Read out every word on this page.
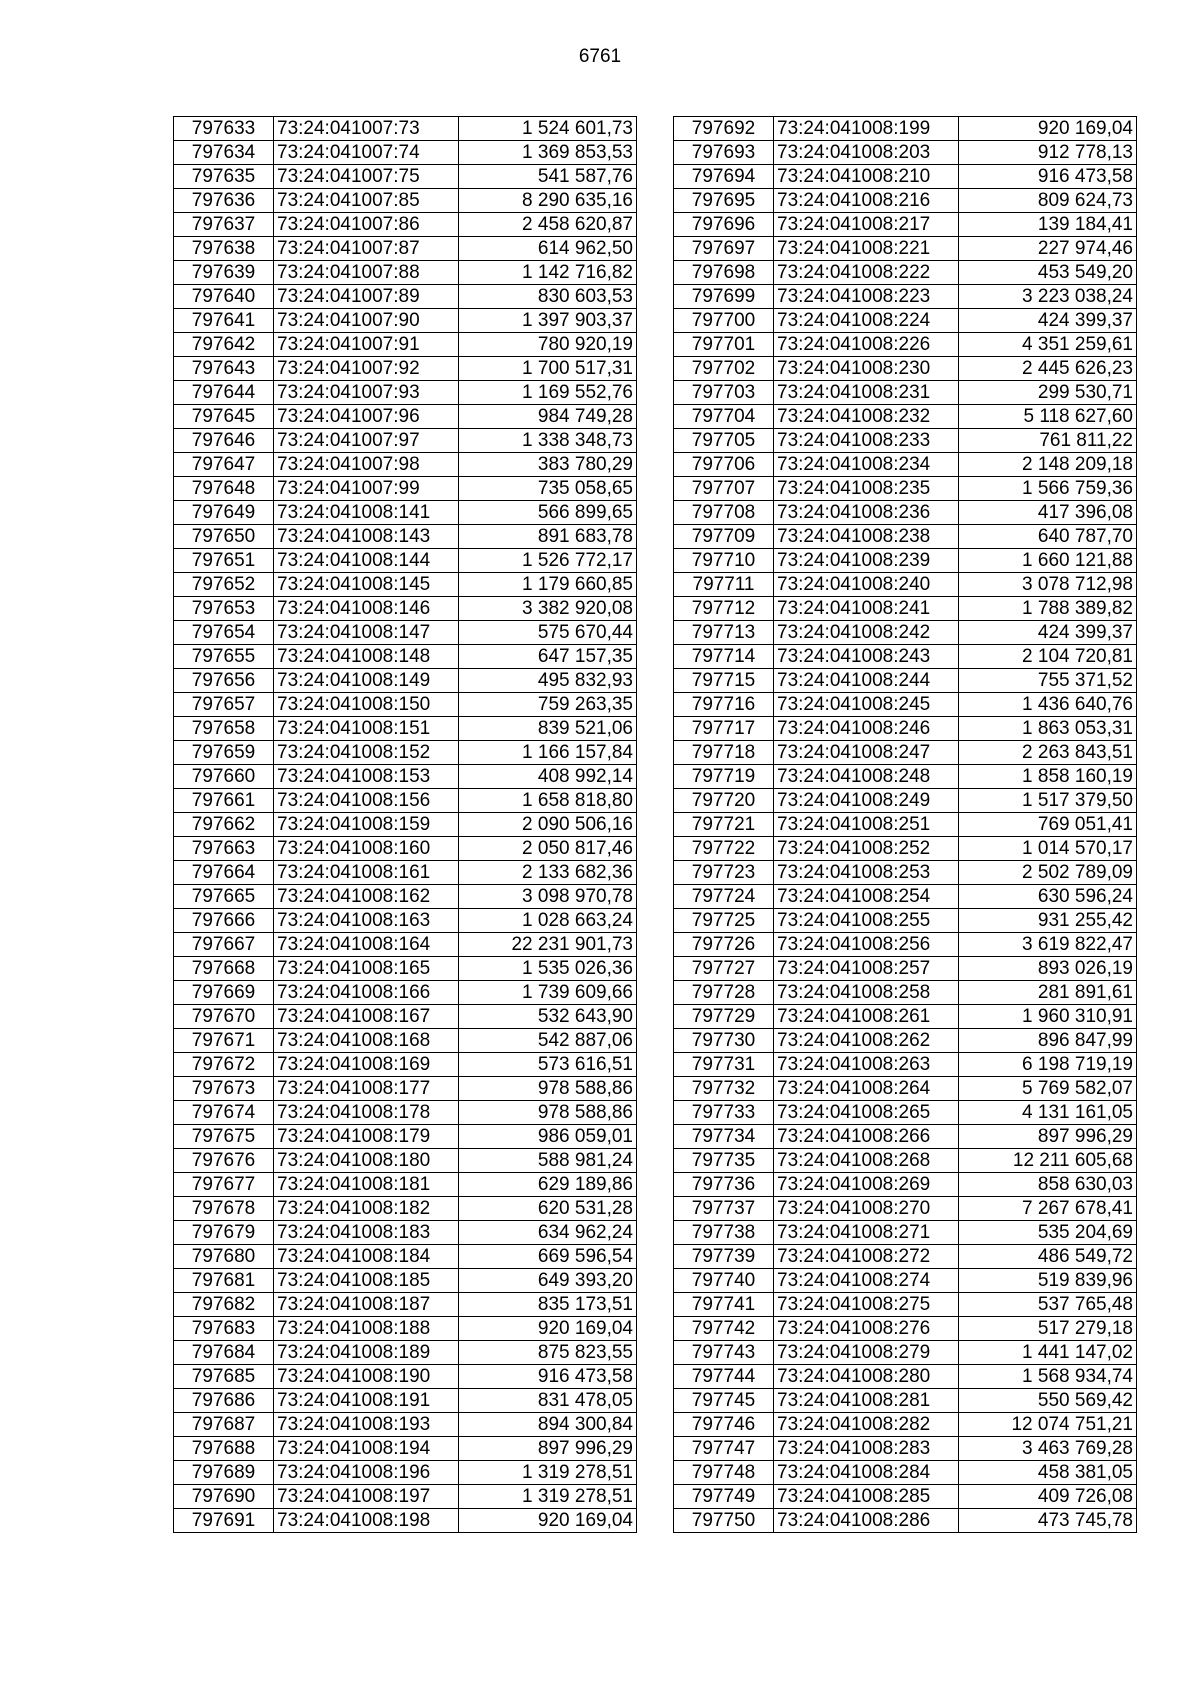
6761
797633	73:24:041007:73	1 524 601,73
797634	73:24:041007:74	1 369 853,53
797635	73:24:041007:75	541 587,76
797636	73:24:041007:85	8 290 635,16
797637	73:24:041007:86	2 458 620,87
797638	73:24:041007:87	614 962,50
797639	73:24:041007:88	1 142 716,82
797640	73:24:041007:89	830 603,53
797641	73:24:041007:90	1 397 903,37
797642	73:24:041007:91	780 920,19
797643	73:24:041007:92	1 700 517,31
797644	73:24:041007:93	1 169 552,76
797645	73:24:041007:96	984 749,28
797646	73:24:041007:97	1 338 348,73
797647	73:24:041007:98	383 780,29
797648	73:24:041007:99	735 058,65
797649	73:24:041008:141	566 899,65
797650	73:24:041008:143	891 683,78
797651	73:24:041008:144	1 526 772,17
797652	73:24:041008:145	1 179 660,85
797653	73:24:041008:146	3 382 920,08
797654	73:24:041008:147	575 670,44
797655	73:24:041008:148	647 157,35
797656	73:24:041008:149	495 832,93
797657	73:24:041008:150	759 263,35
797658	73:24:041008:151	839 521,06
797659	73:24:041008:152	1 166 157,84
797660	73:24:041008:153	408 992,14
797661	73:24:041008:156	1 658 818,80
797662	73:24:041008:159	2 090 506,16
797663	73:24:041008:160	2 050 817,46
797664	73:24:041008:161	2 133 682,36
797665	73:24:041008:162	3 098 970,78
797666	73:24:041008:163	1 028 663,24
797667	73:24:041008:164	22 231 901,73
797668	73:24:041008:165	1 535 026,36
797669	73:24:041008:166	1 739 609,66
797670	73:24:041008:167	532 643,90
797671	73:24:041008:168	542 887,06
797672	73:24:041008:169	573 616,51
797673	73:24:041008:177	978 588,86
797674	73:24:041008:178	978 588,86
797675	73:24:041008:179	986 059,01
797676	73:24:041008:180	588 981,24
797677	73:24:041008:181	629 189,86
797678	73:24:041008:182	620 531,28
797679	73:24:041008:183	634 962,24
797680	73:24:041008:184	669 596,54
797681	73:24:041008:185	649 393,20
797682	73:24:041008:187	835 173,51
797683	73:24:041008:188	920 169,04
797684	73:24:041008:189	875 823,55
797685	73:24:041008:190	916 473,58
797686	73:24:041008:191	831 478,05
797687	73:24:041008:193	894 300,84
797688	73:24:041008:194	897 996,29
797689	73:24:041008:196	1 319 278,51
797690	73:24:041008:197	1 319 278,51
797691	73:24:041008:198	920 169,04
797692	73:24:041008:199	920 169,04
797693	73:24:041008:203	912 778,13
797694	73:24:041008:210	916 473,58
797695	73:24:041008:216	809 624,73
797696	73:24:041008:217	139 184,41
797697	73:24:041008:221	227 974,46
797698	73:24:041008:222	453 549,20
797699	73:24:041008:223	3 223 038,24
797700	73:24:041008:224	424 399,37
797701	73:24:041008:226	4 351 259,61
797702	73:24:041008:230	2 445 626,23
797703	73:24:041008:231	299 530,71
797704	73:24:041008:232	5 118 627,60
797705	73:24:041008:233	761 811,22
797706	73:24:041008:234	2 148 209,18
797707	73:24:041008:235	1 566 759,36
797708	73:24:041008:236	417 396,08
797709	73:24:041008:238	640 787,70
797710	73:24:041008:239	1 660 121,88
797711	73:24:041008:240	3 078 712,98
797712	73:24:041008:241	1 788 389,82
797713	73:24:041008:242	424 399,37
797714	73:24:041008:243	2 104 720,81
797715	73:24:041008:244	755 371,52
797716	73:24:041008:245	1 436 640,76
797717	73:24:041008:246	1 863 053,31
797718	73:24:041008:247	2 263 843,51
797719	73:24:041008:248	1 858 160,19
797720	73:24:041008:249	1 517 379,50
797721	73:24:041008:251	769 051,41
797722	73:24:041008:252	1 014 570,17
797723	73:24:041008:253	2 502 789,09
797724	73:24:041008:254	630 596,24
797725	73:24:041008:255	931 255,42
797726	73:24:041008:256	3 619 822,47
797727	73:24:041008:257	893 026,19
797728	73:24:041008:258	281 891,61
797729	73:24:041008:261	1 960 310,91
797730	73:24:041008:262	896 847,99
797731	73:24:041008:263	6 198 719,19
797732	73:24:041008:264	5 769 582,07
797733	73:24:041008:265	4 131 161,05
797734	73:24:041008:266	897 996,29
797735	73:24:041008:268	12 211 605,68
797736	73:24:041008:269	858 630,03
797737	73:24:041008:270	7 267 678,41
797738	73:24:041008:271	535 204,69
797739	73:24:041008:272	486 549,72
797740	73:24:041008:274	519 839,96
797741	73:24:041008:275	537 765,48
797742	73:24:041008:276	517 279,18
797743	73:24:041008:279	1 441 147,02
797744	73:24:041008:280	1 568 934,74
797745	73:24:041008:281	550 569,42
797746	73:24:041008:282	12 074 751,21
797747	73:24:041008:283	3 463 769,28
797748	73:24:041008:284	458 381,05
797749	73:24:041008:285	409 726,08
797750	73:24:041008:286	473 745,78
